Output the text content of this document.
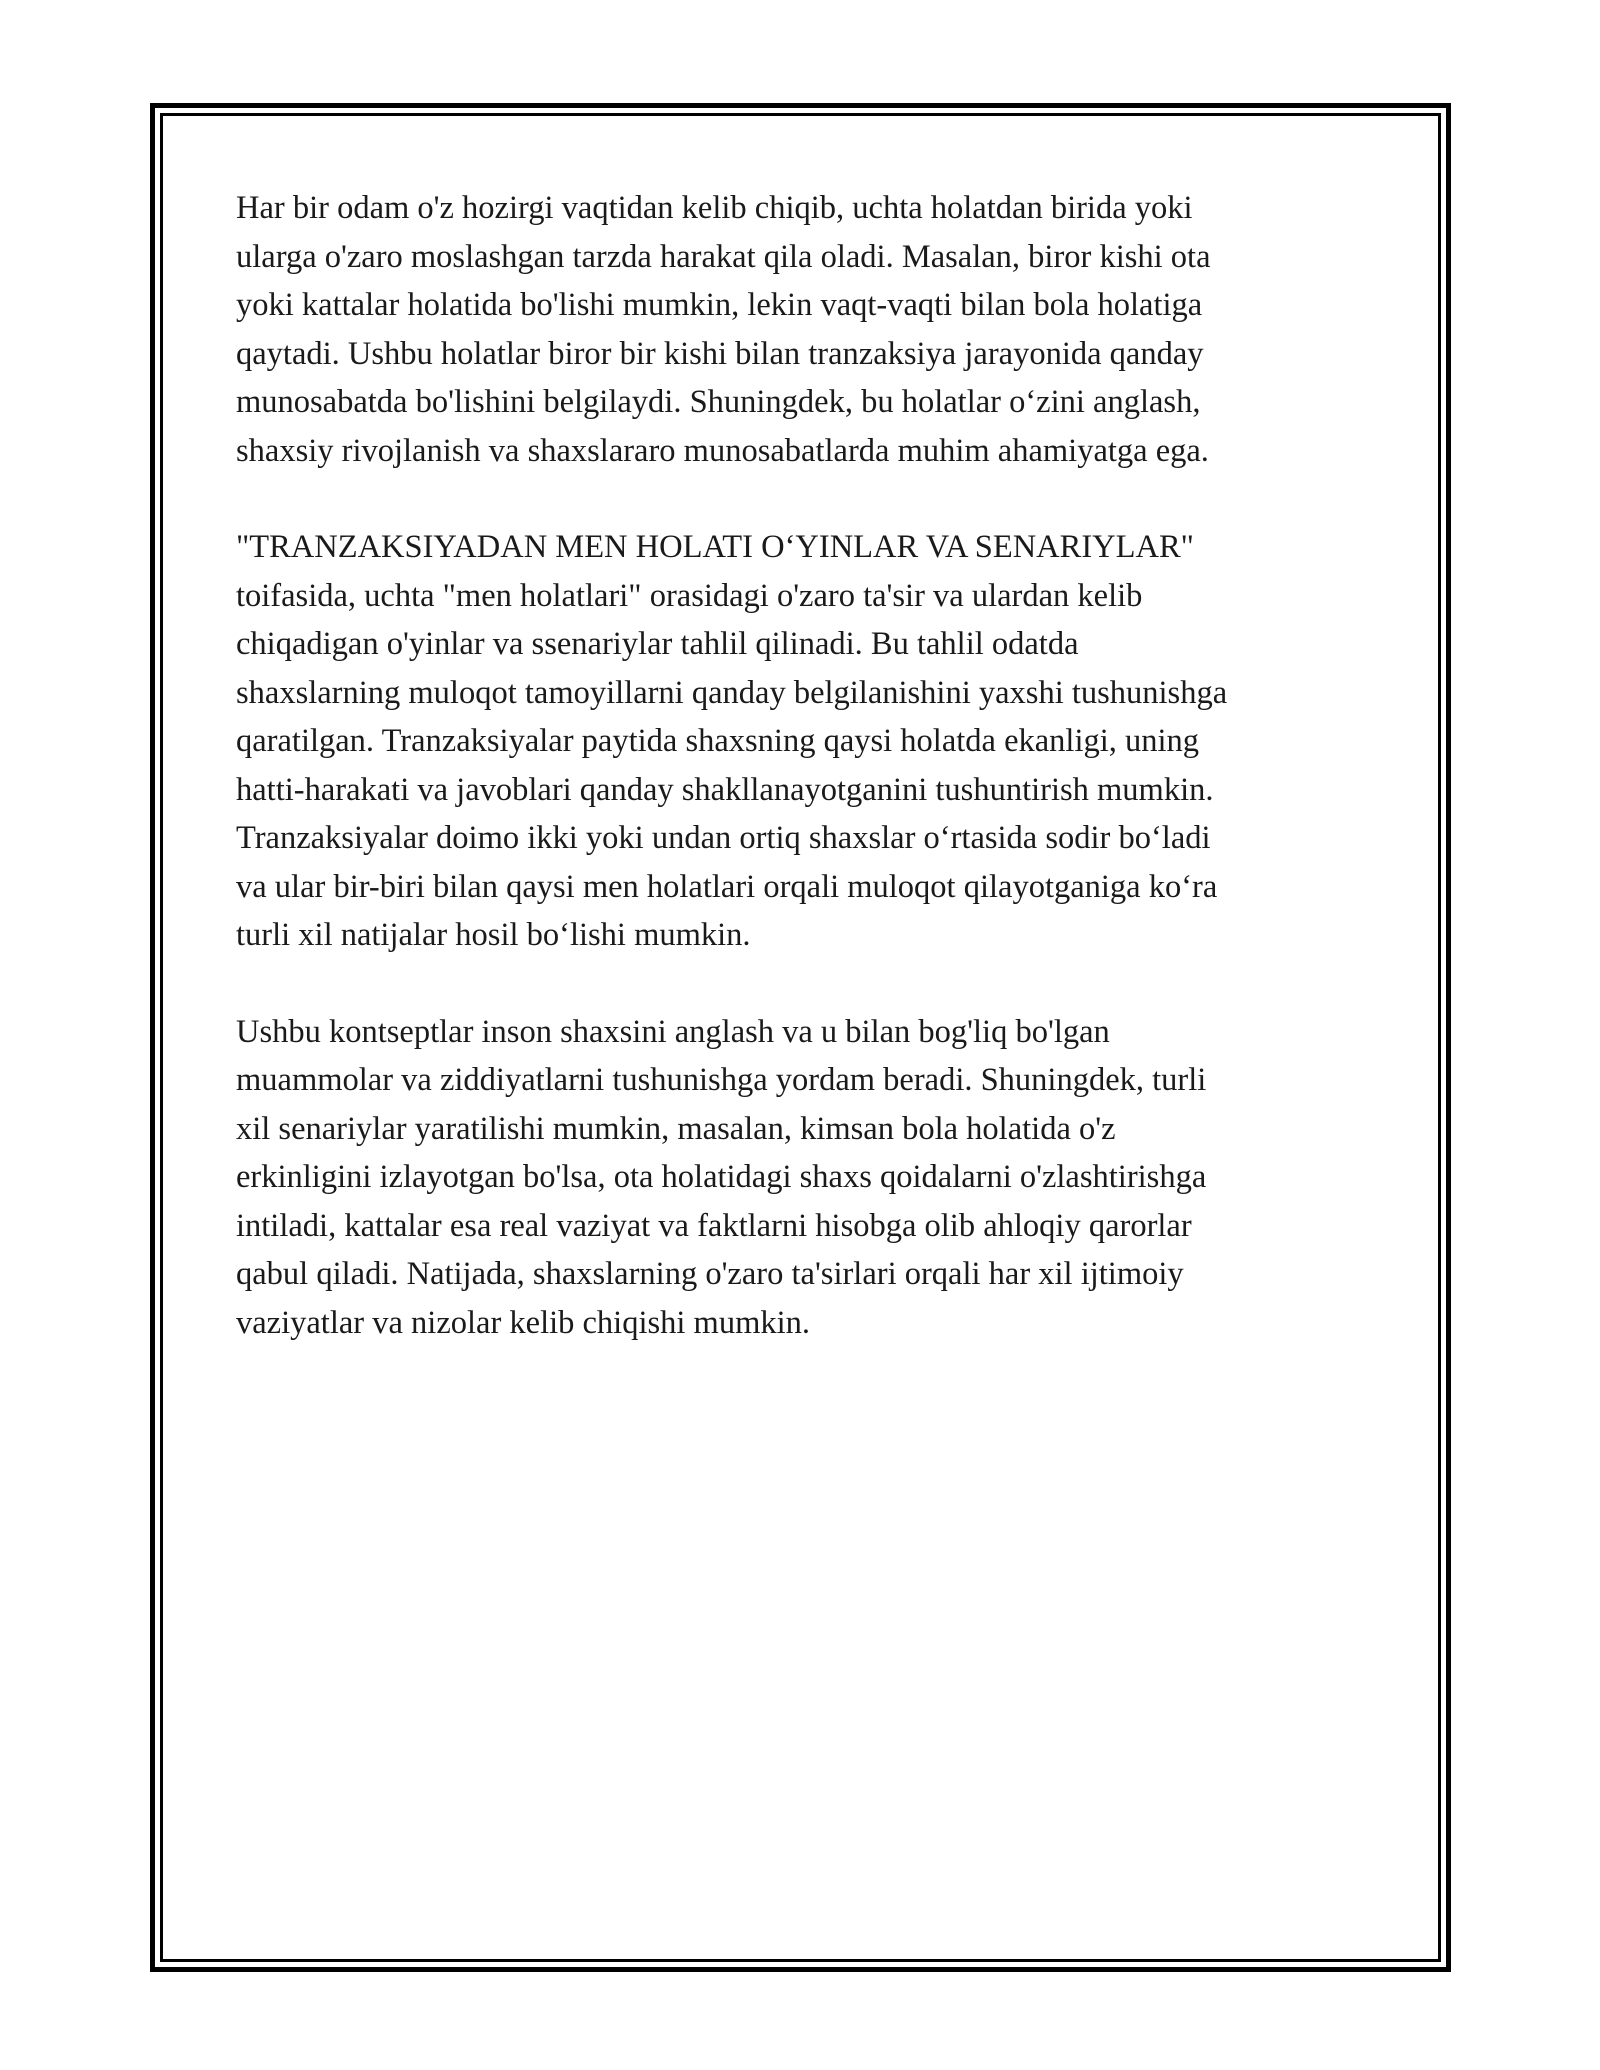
Har bir odam o'z hozirgi vaqtidan kelib chiqib, uchta holatdan birida yoki
ularga o'zaro moslashgan tarzda harakat qila oladi. Masalan, biror kishi ota
yoki kattalar holatida bo'lishi mumkin, lekin vaqt-vaqti bilan bola holatiga
qaytadi. Ushbu holatlar biror bir kishi bilan tranzaksiya jarayonida qanday
munosabatda bo'lishini belgilaydi. Shuningdek, bu holatlar o‘zini anglash,
shaxsiy rivojlanish va shaxslararo munosabatlarda muhim ahamiyatga ega.

"TRANZAKSIYADAN MEN HOLATI O‘YINLAR VA SENARIYLAR"
toifasida, uchta "men holatlari" orasidagi o'zaro ta'sir va ulardan kelib
chiqadigan o'yinlar va ssenariylar tahlil qilinadi. Bu tahlil odatda
shaxslarning muloqot tamoyillarni qanday belgilanishini yaxshi tushunishga
qaratilgan. Tranzaksiyalar paytida shaxsning qaysi holatda ekanligi, uning
hatti-harakati va javoblari qanday shakllanayotganini tushuntirish mumkin.
Tranzaksiyalar doimo ikki yoki undan ortiq shaxslar o‘rtasida sodir bo‘ladi
va ular bir-biri bilan qaysi men holatlari orqali muloqot qilayotganiga ko‘ra
turli xil natijalar hosil bo‘lishi mumkin.

Ushbu kontseptlar inson shaxsini anglash va u bilan bog'liq bo'lgan
muammolar va ziddiyatlarni tushunishga yordam beradi. Shuningdek, turli
xil senariylar yaratilishi mumkin, masalan, kimsan bola holatida o'z
erkinligini izlayotgan bo'lsa, ota holatidagi shaxs qoidalarni o'zlashtirishga
intiladi, kattalar esa real vaziyat va faktlarni hisobga olib ahloqiy qarorlar
qabul qiladi. Natijada, shaxslarning o'zaro ta'sirlari orqali har xil ijtimoiy
vaziyatlar va nizolar kelib chiqishi mumkin.
